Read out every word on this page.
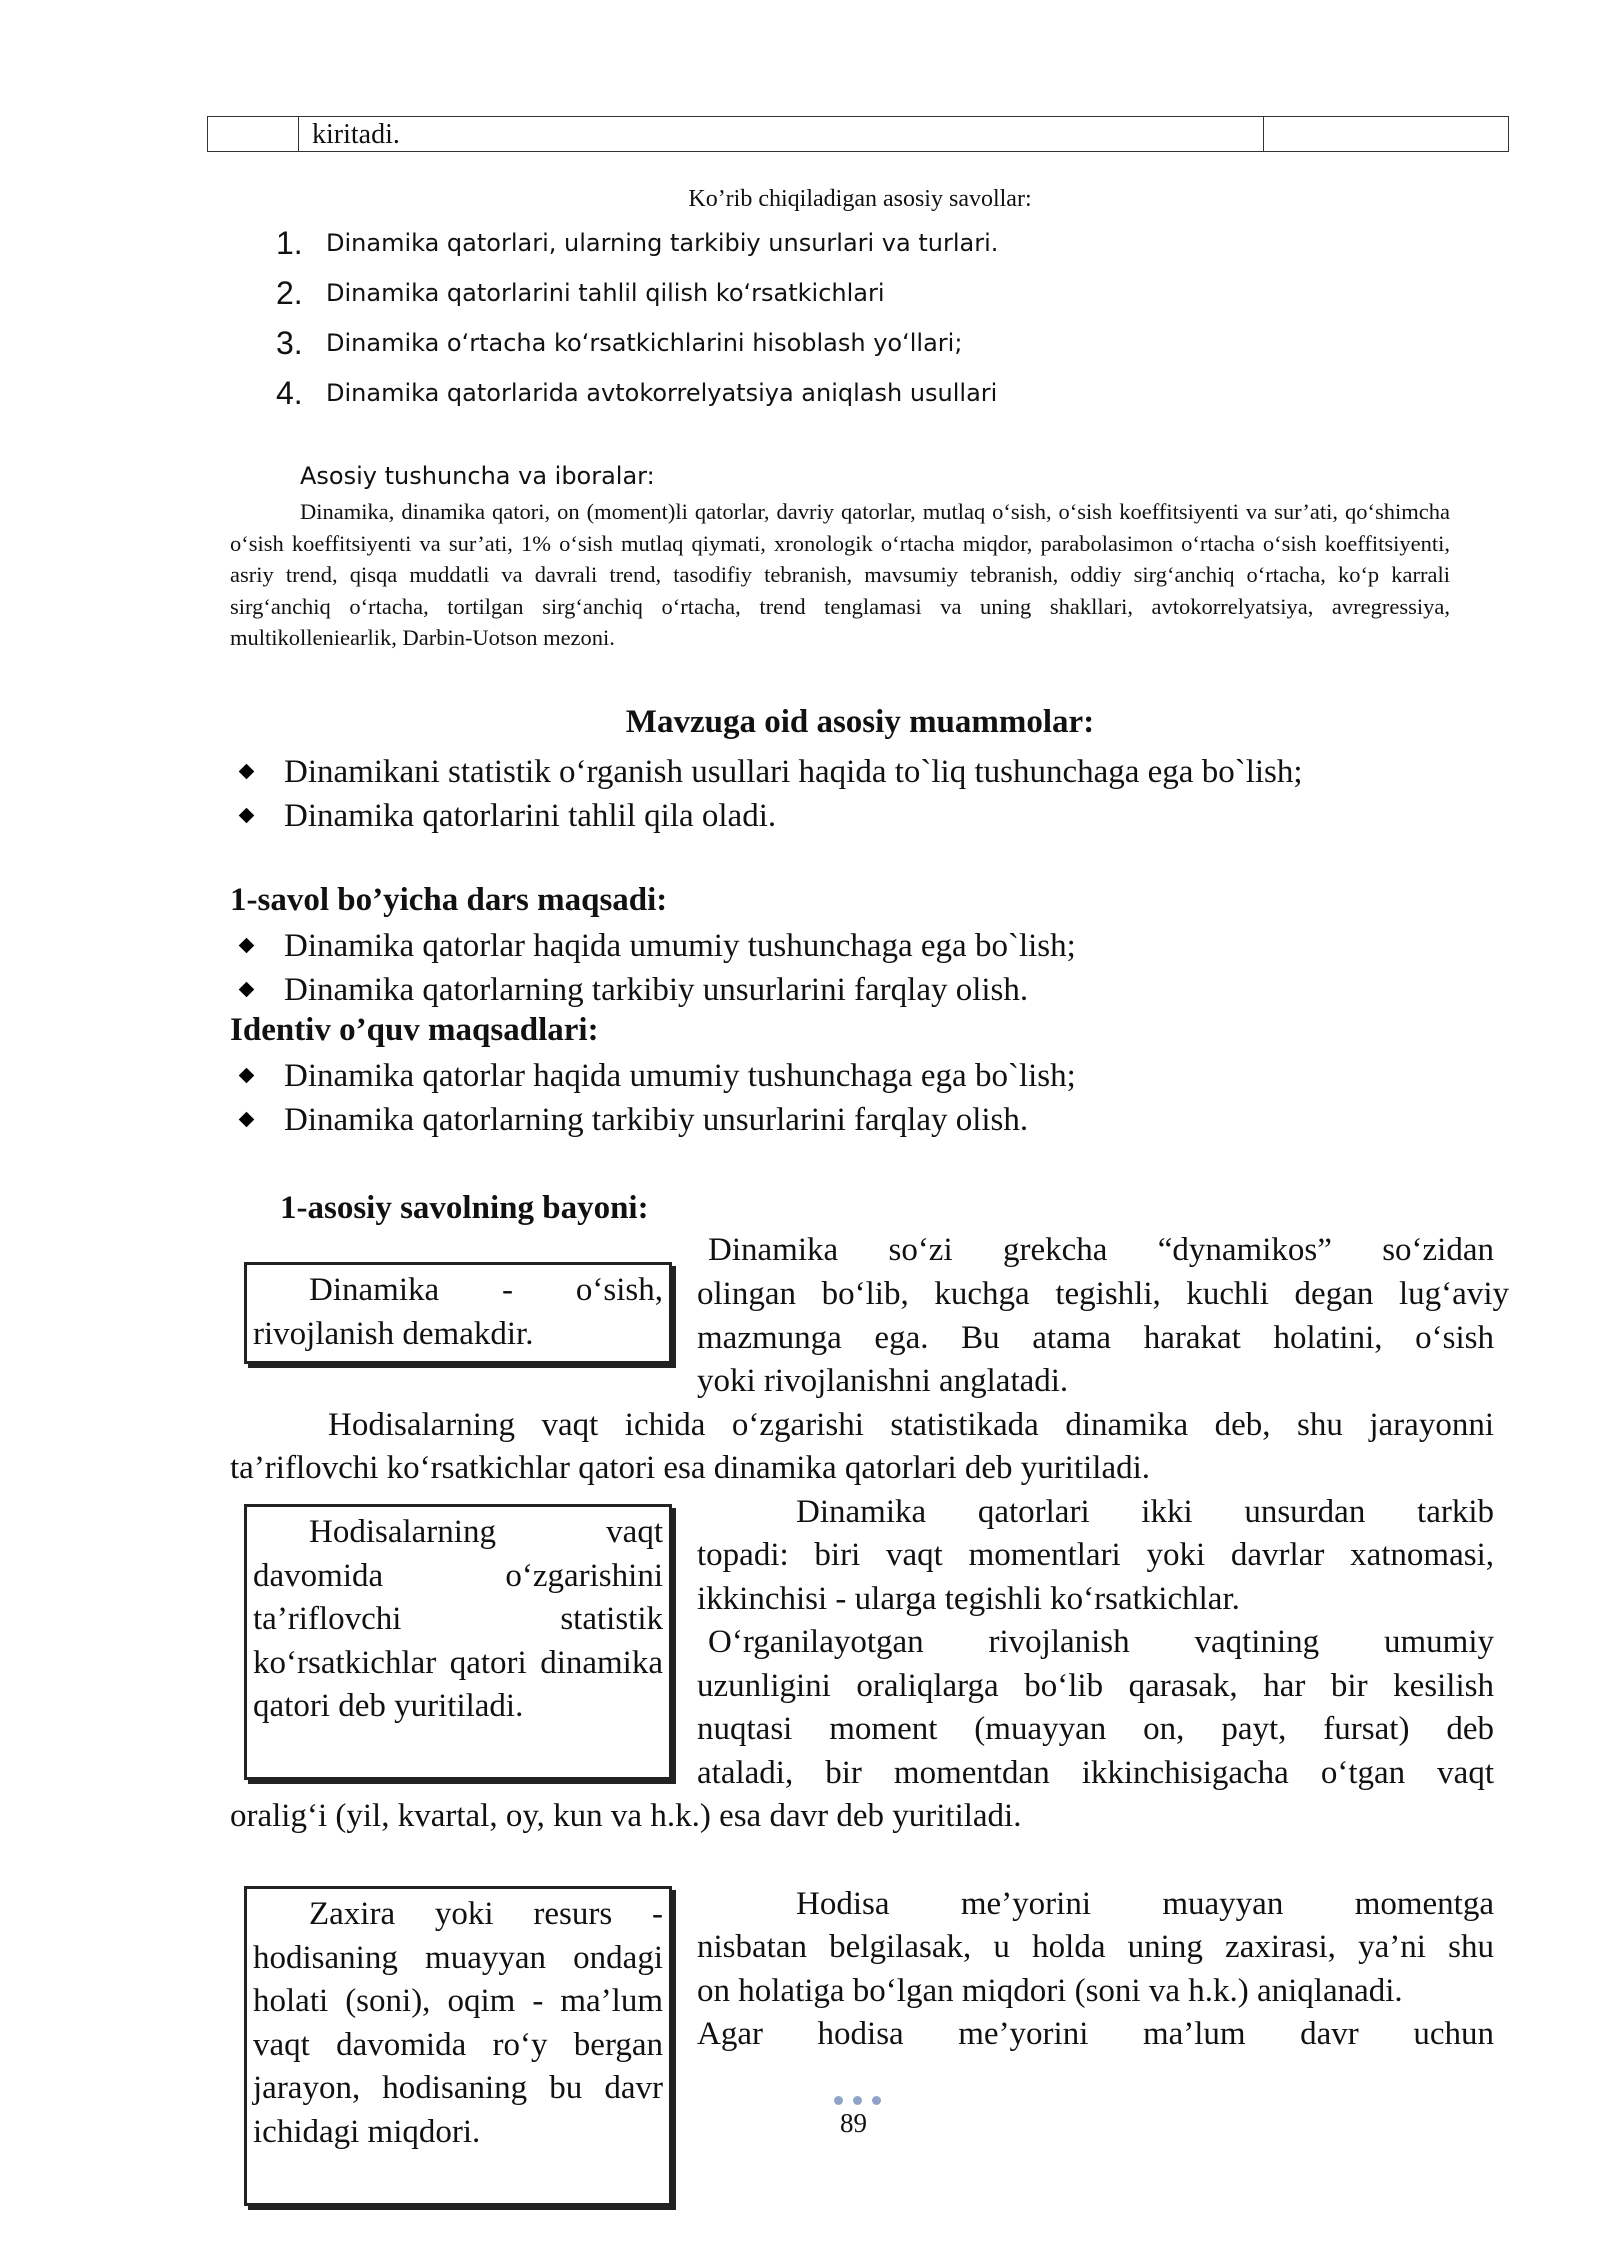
kiritadi.
Ko’rib chiqiladigan asosiy savollar:
1. Dinamika qatorlari, ularning tarkibiy unsurlari va turlari.
2. Dinamika qatorlarini tahlil qilish koʻrsatkichlari
3. Dinamika oʻrtacha koʻrsatkichlarini hisoblash yoʻllari;
4. Dinamika qatorlarida avtokorrelyatsiya aniqlash usullari
Asosiy tushuncha va iboralar:
Dinamika, dinamika qatori, on (moment)li qatorlar, davriy qatorlar, mutlaq oʻsish, oʻsish koeffitsiyenti va sur’ati, qoʻshimcha oʻsish koeffitsiyenti va sur’ati, 1% oʻsish mutlaq qiymati, xronologik oʻrtacha miqdor, parabolasimon oʻrtacha oʻsish koeffitsiyenti, asriy trend, qisqa muddatli va davrali trend, tasodifiy tebranish, mavsumiy tebranish, oddiy sirgʻanchiq oʻrtacha, koʻp karrali sirgʻanchiq oʻrtacha, tortilgan sirgʻanchiq oʻrtacha, trend tenglamasi va uning shakllari, avtokorrelyatsiya, avregressiya, multikolleniearlik, Darbin-Uotson mezoni.
Mavzuga oid asosiy muammolar:
Dinamikani statistik oʻrganish usullari haqida to`liq tushunchaga ega bo`lish;
Dinamika qatorlarini tahlil qila oladi.
1-savol bo’yicha dars maqsadi:
Dinamika qatorlar haqida umumiy tushunchaga ega bo`lish;
Dinamika qatorlarning tarkibiy unsurlarini farqlay olish.
Identiv o’quv maqsadlari:
Dinamika qatorlar haqida umumiy tushunchaga ega bo`lish;
Dinamika qatorlarning tarkibiy unsurlarini farqlay olish.
1-asosiy savolning bayoni:
Dinamika - oʻsish, rivojlanish demakdir.
Dinamika soʻzi grekcha “dynamikos” soʻzidan
olingan boʻlib, kuchga tegishli, kuchli degan lugʻaviy
mazmunga ega. Bu atama harakat holatini, oʻsish
yoki rivojlanishni anglatadi.
Hodisalarning vaqt ichida oʻzgarishi statistikada dinamika deb, shu jarayonni
ta’riflovchi koʻrsatkichlar qatori esa dinamika qatorlari deb yuritiladi.
Hodisalarning vaqt davomida oʻzgarishini ta’riflovchi statistik koʻrsatkichlar qatori dinamika qatori deb yuritiladi.
Dinamika qatorlari ikki unsurdan tarkib
topadi: biri vaqt momentlari yoki davrlar xatnomasi,
ikkinchisi - ularga tegishli koʻrsatkichlar.
Oʻrganilayotgan rivojlanish vaqtining umumiy
uzunligini oraliqlarga boʻlib qarasak, har bir kesilish
nuqtasi moment (muayyan on, payt, fursat) deb
ataladi, bir momentdan ikkinchisigacha oʻtgan vaqt
oraligʻi (yil, kvartal, oy, kun va h.k.) esa davr deb yuritiladi.
Zaxira yoki resurs - hodisaning muayyan ondagi holati (soni), oqim - ma’lum vaqt davomida roʻy bergan jarayon, hodisaning bu davr ichidagi miqdori.
Hodisa me’yorini muayyan momentga
nisbatan belgilasak, u holda uning zaxirasi, ya’ni shu
on holatiga boʻlgan miqdori (soni va h.k.) aniqlanadi.
Agar hodisa me’yorini ma’lum davr uchun
89
